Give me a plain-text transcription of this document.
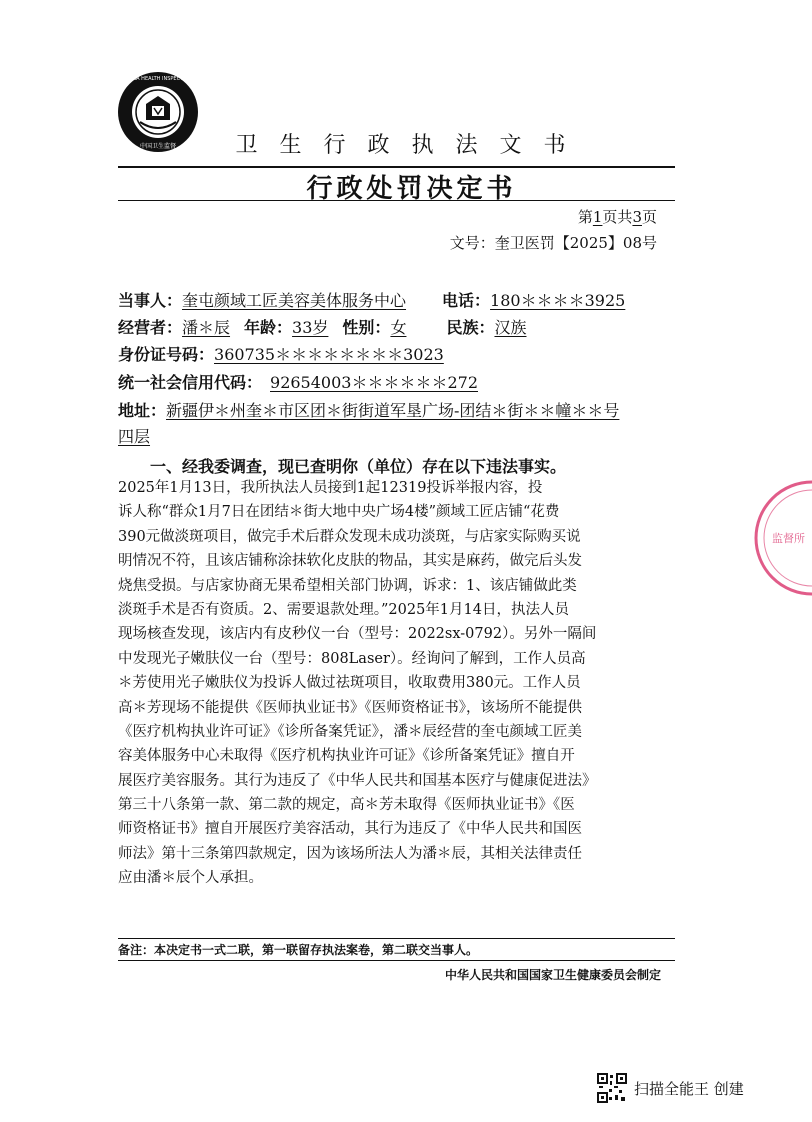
CHINA HEALTH INSPECTION
中国卫生监督	卫生行政执法文书
行政处罚决定书
第1页共3页
文号：奎卫医罚【2025】08号
当事人：奎屯颜域工匠美容美体服务中心 电话：180＊＊＊＊3925
经营者：潘＊辰 年龄：33岁 性别：女	民族：汉族
身份证号码：360735＊＊＊＊＊＊＊＊3023
统一社会信用代码： 92654003＊＊＊＊＊＊272
地址：新疆伊＊州奎＊市区团＊街街道军垦广场-团结＊街＊＊幢＊＊号
四层
一、经我委调查，现已查明你（单位）存在以下违法事实。
2025年1月13日，我所执法人员接到1起12319投诉举报内容，投
诉人称“群众1月7日在团结＊街大地中央广场4楼”颜域工匠店铺“花费
390元做淡斑项目，做完手术后群众发现未成功淡斑，与店家实际购买说
明情况不符，且该店铺称涂抹软化皮肤的物品，其实是麻药，做完后头发
烧焦受损。与店家协商无果希望相关部门协调，诉求：1、该店铺做此类
淡斑手术是否有资质。2、需要退款处理。”2025年1月14日，执法人员
现场核查发现，该店内有皮秒仪一台（型号：2022sx-0792）。另外一隔间
中发现光子嫩肤仪一台（型号：808Laser）。经询问了解到，工作人员高
＊芳使用光子嫩肤仪为投诉人做过祛斑项目，收取费用380元。工作人员
高＊芳现场不能提供《医师执业证书》《医师资格证书》，该场所不能提供
《医疗机构执业许可证》《诊所备案凭证》，潘＊辰经营的奎屯颜域工匠美
容美体服务中心未取得《医疗机构执业许可证》《诊所备案凭证》擅自开
展医疗美容服务。其行为违反了《中华人民共和国基本医疗与健康促进法》
第三十八条第一款、第二款的规定，高＊芳未取得《医师执业证书》《医
师资格证书》擅自开展医疗美容活动，其行为违反了《中华人民共和国医
师法》第十三条第四款规定，因为该场所法人为潘＊辰，其相关法律责任
应由潘＊辰个人承担。
监督所
备注：本决定书一式二联，第一联留存执法案卷，第二联交当事人。
中华人民共和国国家卫生健康委员会制定
扫描全能王 创建
